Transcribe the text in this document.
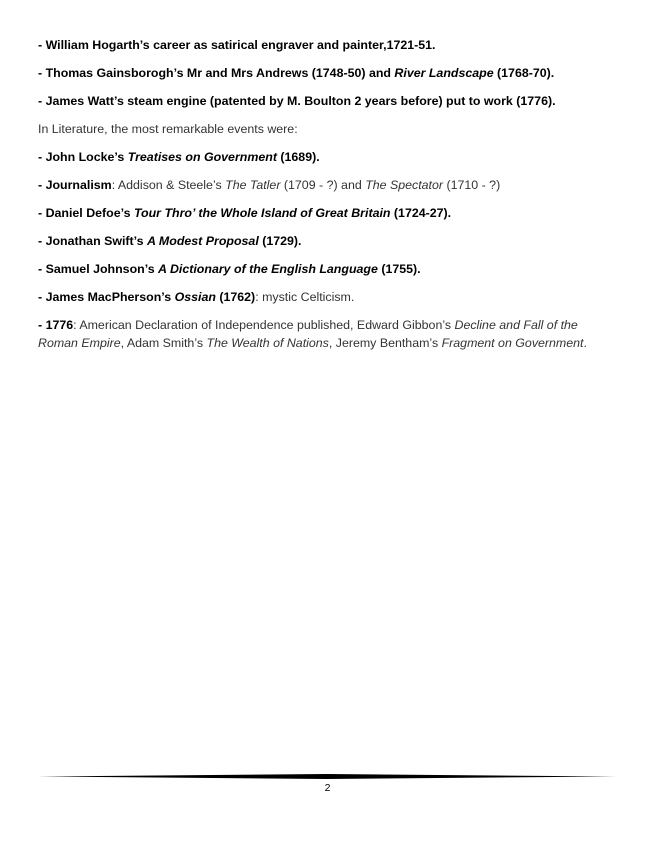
- William Hogarth’s career as satirical engraver and painter,1721-51.

- Thomas Gainsborogh’s Mr and Mrs Andrews (1748-50) and River Landscape (1768-70).

- James Watt’s steam engine (patented by M. Boulton 2 years before) put to work (1776).

In Literature, the most remarkable events were:

- John Locke’s Treatises on Government (1689).

- Journalism: Addison & Steele’s The Tatler (1709 - ?) and The Spectator (1710 - ?)

- Daniel Defoe’s Tour Thro’ the Whole Island of Great Britain (1724-27).

- Jonathan Swift’s A Modest Proposal (1729).

- Samuel Johnson’s A Dictionary of the English Language (1755).

- James MacPherson’s Ossian (1762): mystic Celticism.

- 1776: American Declaration of Independence published, Edward Gibbon’s Decline and Fall of the Roman Empire, Adam Smith’s The Wealth of Nations, Jeremy Bentham’s Fragment on Government.

2
